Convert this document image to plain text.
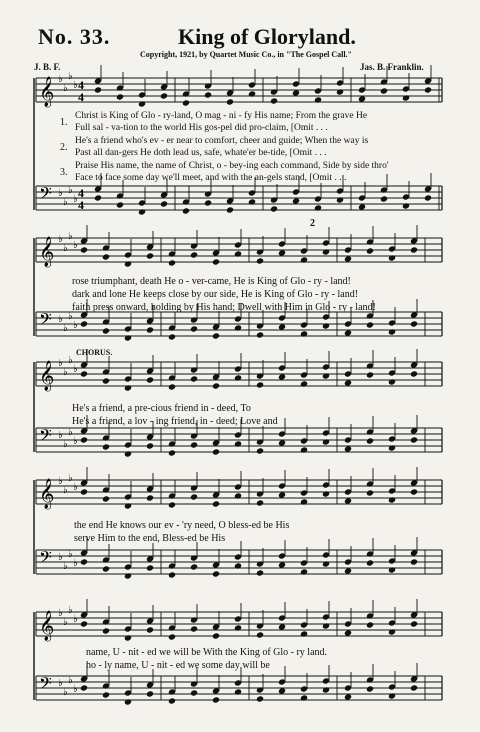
No. 33.	King of Gloryland.
Copyright, 1921, by Quartet Music Co., in "The Gospel Call."
J. B. F.	Jas. B. Franklin.
𝄞 ♭
♭
♭
♭
𝄢 ♭
♭
♭
♭
𝄞 ♭
♭
♭
♭
𝄢 ♭
♭
♭
♭
𝄞 ♭
♭
♭
♭
𝄢 ♭
♭
♭
♭
𝄞 ♭
♭
♭
♭
𝄢 ♭
♭
♭
♭
𝄞 ♭
♭
♭
♭
𝄢 ♭
♭
♭
♭
4
4
4
4
1.
Christ is King of Glo - ry-land, O mag - ni - fy His name; From the grave He
Full sal - va-tion to the world His gos-pel did pro-claim, [Omit . . .
2.
He's a friend who's ev - er near to comfort, cheer and guide; When the way is
Past all dan-gers He doth lead us, safe, whate'er be-tide, [Omit . . .
3.
Praise His name, the name of Christ, o - bey-ing each command, Side by side thro'
Face to face some day we'll meet, and with the an-gels stand, [Omit . . .
rose triumphant, death He o - ver-came, He is King of Glo - ry - land!
dark and lone He keeps close by our side, He is King of Glo - ry - land!
faith press onward, holding by His hand; Dwell with Him in Glo - ry - land!
CHORUS.
He's a friend, a pre-cious friend in - deed, To
He's a friend, a lov - ing friend, in - deed; Love and
the end He knows our ev - 'ry need, O bless-ed be His
serve Him to the end, Bless-ed be His
name, U - nit - ed we will be With the King of Glo - ry land.
ho - ly name, U - nit - ed we some day will be
2
